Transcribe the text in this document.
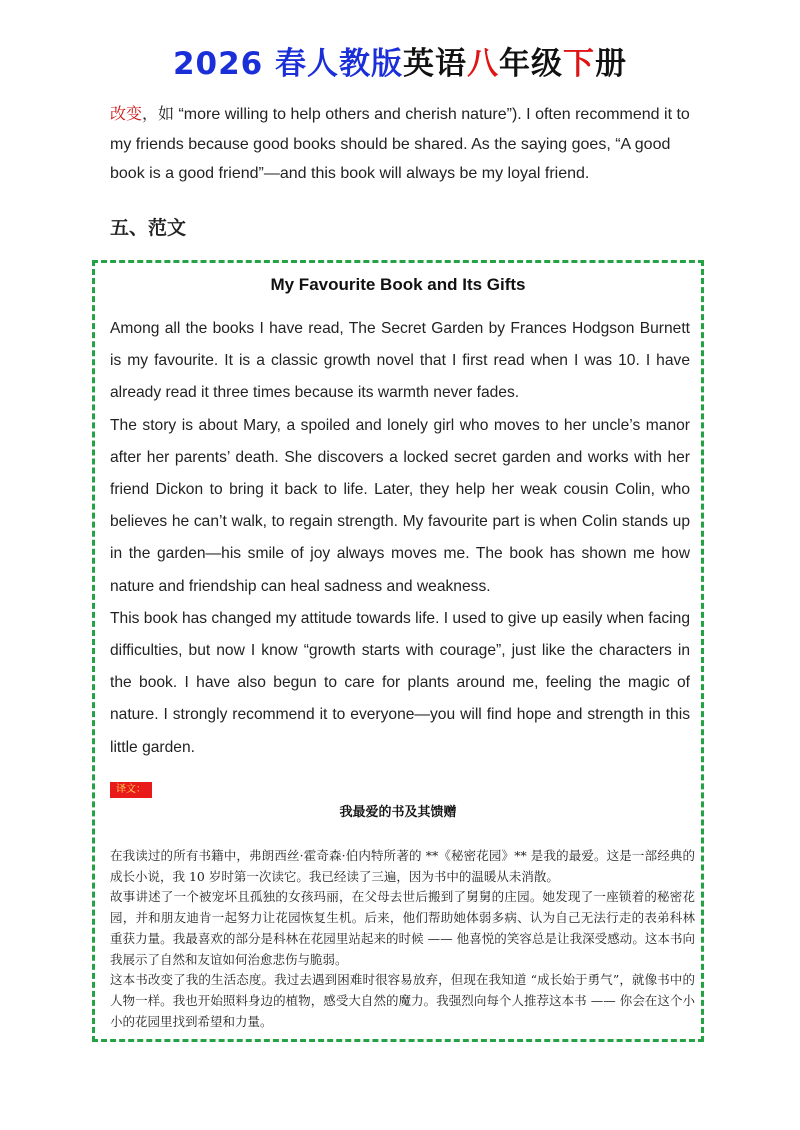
2026 春人教版英语八年级下册
改变，如 “more willing to help others and cherish nature”). I often recommend it to my friends because good books should be shared. As the saying goes, “A good book is a good friend”—and this book will always be my loyal friend.
五、范文
My Favourite Book and Its Gifts

Among all the books I have read, The Secret Garden by Frances Hodgson Burnett is my favourite. It is a classic growth novel that I first read when I was 10. I have already read it three times because its warmth never fades.

The story is about Mary, a spoiled and lonely girl who moves to her uncle’s manor after her parents’ death. She discovers a locked secret garden and works with her friend Dickon to bring it back to life. Later, they help her weak cousin Colin, who believes he can’t walk, to regain strength. My favourite part is when Colin stands up in the garden—his smile of joy always moves me. The book has shown me how nature and friendship can heal sadness and weakness.

This book has changed my attitude towards life. I used to give up easily when facing difficulties, but now I know “growth starts with courage”, just like the characters in the book. I have also begun to care for plants around me, feeling the magic of nature. I strongly recommend it to everyone—you will find hope and strength in this little garden.

译文：
我最爱的书及其馈赠

在我读过的所有书籍中，弗朗西丝·霍奇森·伯内特所著的 **《秘密花园》** 是我的最爱。这是一部经典的成长小说，我 10 岁时第一次读它。我已经读了三遍，因为书中的温暖从未消散。

故事讲述了一个被宠坏且孤独的女孩玛丽，在父母去世后搬到了舅舅的庄园。她发现了一座锁着的秘密花园，并和朋友迪肯一起努力让花园恢复生机。后来，他们帮助她体弱多病、认为自己无法行走的表弟科林重获力量。我最喜欢的部分是科林在花园里站起来的时候 —— 他喜悦的笑容总是让我深受感动。这本书向我展示了自然和友谊如何治愈悲伤与脆弱。

这本书改变了我的生活态度。我过去遇到困难时很容易放弃，但现在我知道 “成长始于勇气”，就像书中的人物一样。我也开始照料身边的植物，感受大自然的魔力。我强烈向每个人推荐这本书 —— 你会在这个小小的花园里找到希望和力量。
